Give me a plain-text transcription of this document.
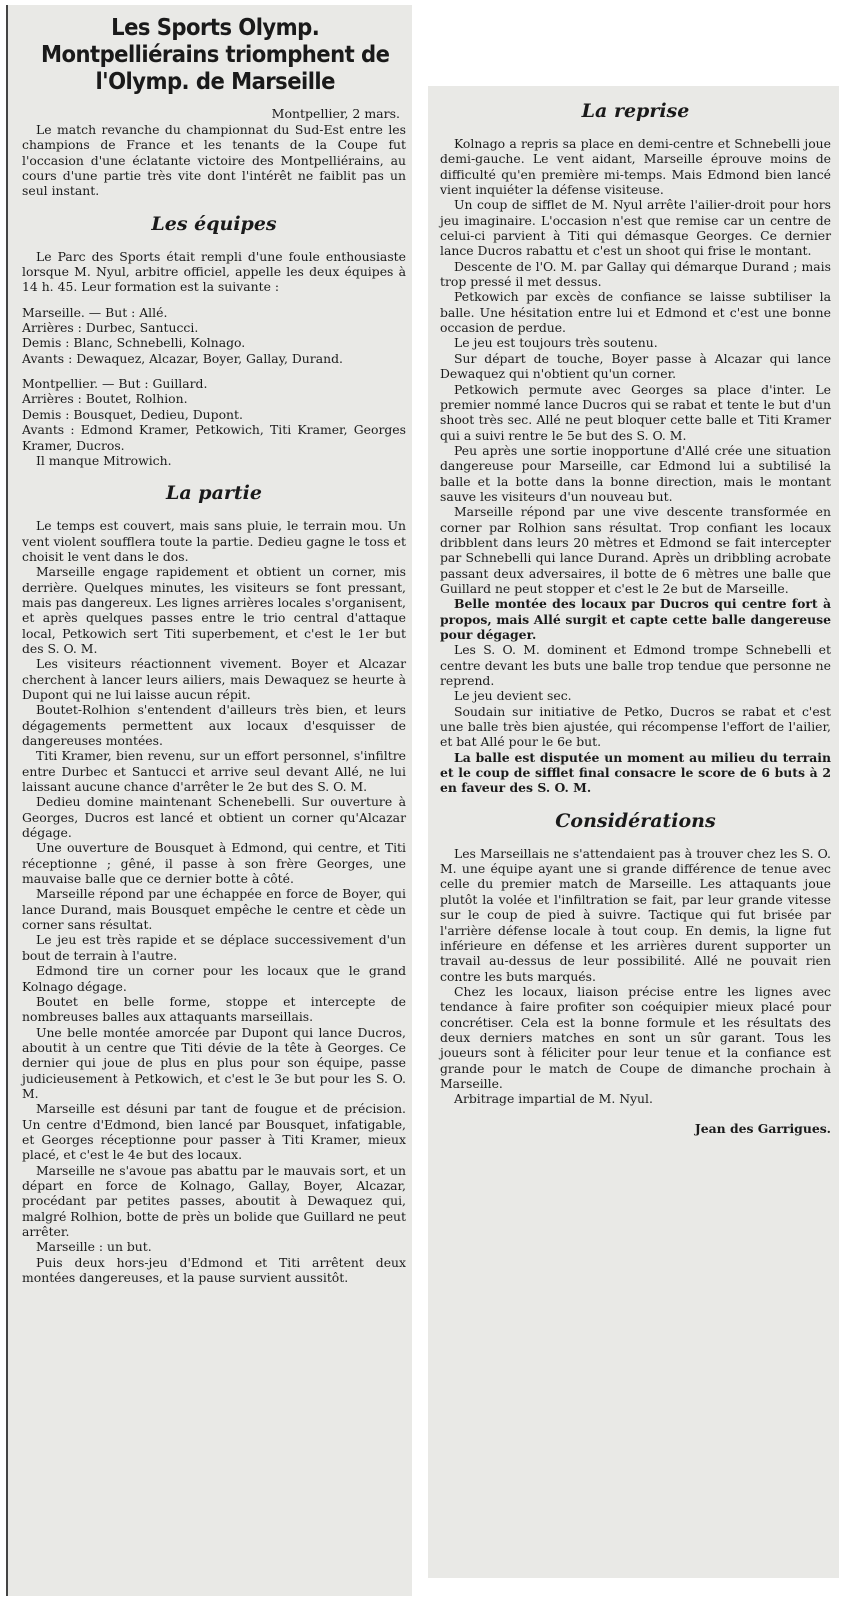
Les Sports Olymp. Montpelliérains triomphent de l'Olymp. de Marseille
Montpellier, 2 mars.

Le match revanche du championnat du Sud-Est entre les champions de France et les tenants de la Coupe fut l'occasion d'une éclatante victoire des Montpelliérains, au cours d'une partie très vite dont l'intérêt ne faiblit pas un seul instant.

Les équipes

Le Parc des Sports était rempli d'une foule enthousiaste lorsque M. Nyul, arbitre officiel, appelle les deux équipes à 14 h. 45. Leur formation est la suivante :

Marseille. — But : Allé.

Arrières : Durbec, Santucci.

Demis : Blanc, Schnebelli, Kolnago.

Avants : Dewaquez, Alcazar, Boyer, Gallay, Durand.

Montpellier. — But : Guillard.

Arrières : Boutet, Rolhion.

Demis : Bousquet, Dedieu, Dupont.

Avants : Edmond Kramer, Petkowich, Titi Kramer, Georges Kramer, Ducros.

Il manque Mitrowich.

La partie

Le temps est couvert, mais sans pluie, le terrain mou. Un vent violent soufflera toute la partie. Dedieu gagne le toss et choisit le vent dans le dos.

Marseille engage rapidement et obtient un corner, mis derrière. Quelques minutes, les visiteurs se font pressant, mais pas dangereux. Les lignes arrières locales s'organisent, et après quelques passes entre le trio central d'attaque local, Petkowich sert Titi superbement, et c'est le 1er but des S. O. M.

Les visiteurs réactionnent vivement. Boyer et Alcazar cherchent à lancer leurs ailiers, mais Dewaquez se heurte à Dupont qui ne lui laisse aucun répit.

Boutet-Rolhion s'entendent d'ailleurs très bien, et leurs dégagements permettent aux locaux d'esquisser de dangereuses montées.

Titi Kramer, bien revenu, sur un effort personnel, s'infiltre entre Durbec et Santucci et arrive seul devant Allé, ne lui laissant aucune chance d'arrêter le 2e but des S. O. M.

Dedieu domine maintenant Schenebelli. Sur ouverture à Georges, Ducros est lancé et obtient un corner qu'Alcazar dégage.

Une ouverture de Bousquet à Edmond, qui centre, et Titi réceptionne ; gêné, il passe à son frère Georges, une mauvaise balle que ce dernier botte à côté.

Marseille répond par une échappée en force de Boyer, qui lance Durand, mais Bousquet empêche le centre et cède un corner sans résultat.

Le jeu est très rapide et se déplace successivement d'un bout de terrain à l'autre.

Edmond tire un corner pour les locaux que le grand Kolnago dégage.

Boutet en belle forme, stoppe et intercepte de nombreuses balles aux attaquants marseillais.

Une belle montée amorcée par Dupont qui lance Ducros, aboutit à un centre que Titi dévie de la tête à Georges. Ce dernier qui joue de plus en plus pour son équipe, passe judicieusement à Petkowich, et c'est le 3e but pour les S. O. M.

Marseille est désuni par tant de fougue et de précision. Un centre d'Edmond, bien lancé par Bousquet, infatigable, et Georges réceptionne pour passer à Titi Kramer, mieux placé, et c'est le 4e but des locaux.

Marseille ne s'avoue pas abattu par le mauvais sort, et un départ en force de Kolnago, Gallay, Boyer, Alcazar, procédant par petites passes, aboutit à Dewaquez qui, malgré Rolhion, botte de près un bolide que Guillard ne peut arrêter.

Marseille : un but.

Puis deux hors-jeu d'Edmond et Titi arrêtent deux montées dangereuses, et la pause survient aussitôt.

La reprise

Kolnago a repris sa place en demi-centre et Schnebelli joue demi-gauche. Le vent aidant, Marseille éprouve moins de difficulté qu'en première mi-temps. Mais Edmond bien lancé vient inquiéter la défense visiteuse.

Un coup de sifflet de M. Nyul arrête l'ailier-droit pour hors jeu imaginaire. L'occasion n'est que remise car un centre de celui-ci parvient à Titi qui démasque Georges. Ce dernier lance Ducros rabattu et c'est un shoot qui frise le montant.

Descente de l'O. M. par Gallay qui démarque Durand ; mais trop pressé il met dessus.

Petkowich par excès de confiance se laisse subtiliser la balle. Une hésitation entre lui et Edmond et c'est une bonne occasion de perdue.

Le jeu est toujours très soutenu.

Sur départ de touche, Boyer passe à Alcazar qui lance Dewaquez qui n'obtient qu'un corner.

Petkowich permute avec Georges sa place d'inter. Le premier nommé lance Ducros qui se rabat et tente le but d'un shoot très sec. Allé ne peut bloquer cette balle et Titi Kramer qui a suivi rentre le 5e but des S. O. M.

Peu après une sortie inopportune d'Allé crée une situation dangereuse pour Marseille, car Edmond lui a subtilisé la balle et la botte dans la bonne direction, mais le montant sauve les visiteurs d'un nouveau but.

Marseille répond par une vive descente transformée en corner par Rolhion sans résultat. Trop confiant les locaux dribblent dans leurs 20 mètres et Edmond se fait intercepter par Schnebelli qui lance Durand. Après un dribbling acrobate passant deux adversaires, il botte de 6 mètres une balle que Guillard ne peut stopper et c'est le 2e but de Marseille.

Belle montée des locaux par Ducros qui centre fort à propos, mais Allé surgit et capte cette balle dangereuse pour dégager.

Les S. O. M. dominent et Edmond trompe Schnebelli et centre devant les buts une balle trop tendue que personne ne reprend.

Le jeu devient sec.

Soudain sur initiative de Petko, Ducros se rabat et c'est une balle très bien ajustée, qui récompense l'effort de l'ailier, et bat Allé pour le 6e but.

La balle est disputée un moment au milieu du terrain et le coup de sifflet final consacre le score de 6 buts à 2 en faveur des S. O. M.

Considérations

Les Marseillais ne s'attendaient pas à trouver chez les S. O. M. une équipe ayant une si grande différence de tenue avec celle du premier match de Marseille. Les attaquants joue plutôt la volée et l'infiltration se fait, par leur grande vitesse sur le coup de pied à suivre. Tactique qui fut brisée par l'arrière défense locale à tout coup. En demis, la ligne fut inférieure en défense et les arrières durent supporter un travail au-dessus de leur possibilité. Allé ne pouvait rien contre les buts marqués.

Chez les locaux, liaison précise entre les lignes avec tendance à faire profiter son coéquipier mieux placé pour concrétiser. Cela est la bonne formule et les résultats des deux derniers matches en sont un sûr garant. Tous les joueurs sont à féliciter pour leur tenue et la confiance est grande pour le match de Coupe de dimanche prochain à Marseille.

Arbitrage impartial de M. Nyul.

Jean des Garrigues.
